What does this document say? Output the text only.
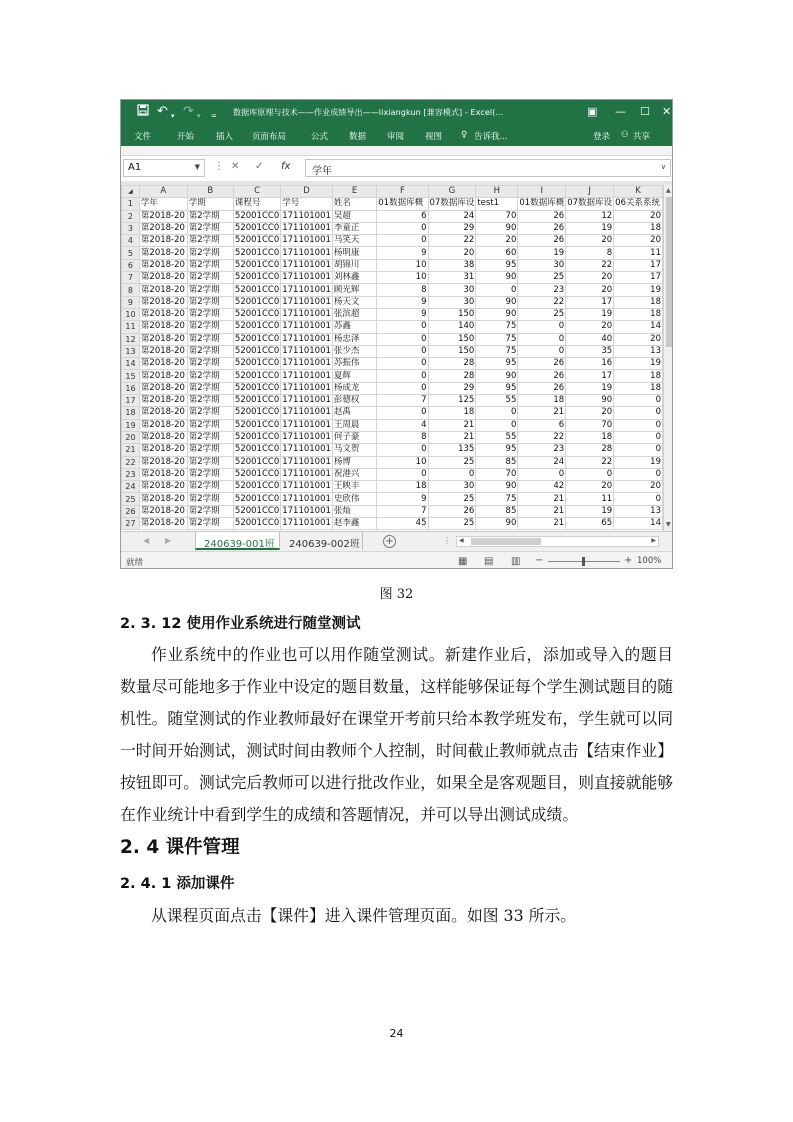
↶ ▾ ↷ ▾ = 数据库原理与技术——作业成绩导出——lixiangkun [兼容模式] - Excel(...	▣ — ☐ ✕
文件	开始	插入 页面布局	公式 数据 审阅 视图 ♀ 告诉我...	登录 ⚇ 共享
A1	▼ ⋮ ✕ ✓ fx	学年	∨
◢	A	B	C	D	E	F	G	H	I	J	K
1	学年	学期	课程号	学号	姓名	01数据库概	07数据库设	test1	01数据库概	07数据库设	06关系系统
2	第2018-20	第2学期	52001CC0	171101001	吴超	6	24	70	26	12	20
3	第2018-20	第2学期	52001CC0	171101001	李童正	0	29	90	26	19	18
4	第2018-20	第2学期	52001CC0	171101001	马笑天	0	22	20	26	20	20
5	第2018-20	第2学期	52001CC0	171101001	杨明康	9	20	60	19	8	11
6	第2018-20	第2学期	52001CC0	171101001	胡锦川	10	38	95	30	22	17
7	第2018-20	第2学期	52001CC0	171101001	刘林鑫	10	31	90	25	20	17
8	第2018-20	第2学期	52001CC0	171101001	顾光辉	8	30	0	23	20	19
9	第2018-20	第2学期	52001CC0	171101001	杨天文	9	30	90	22	17	18
10	第2018-20	第2学期	52001CC0	171101001	张滨超	9	150	90	25	19	18
11	第2018-20	第2学期	52001CC0	171101001	苏鑫	0	140	75	0	20	14
12	第2018-20	第2学期	52001CC0	171101001	杨忠泽	0	150	75	0	40	20
13	第2018-20	第2学期	52001CC0	171101001	张少杰	0	150	75	0	35	13
14	第2018-20	第2学期	52001CC0	171101001	苏振伟	0	28	95	26	16	19
15	第2018-20	第2学期	52001CC0	171101001	夏辉	0	28	90	26	17	18
16	第2018-20	第2学期	52001CC0	171101001	杨成龙	0	29	95	26	19	18
17	第2018-20	第2学期	52001CC0	171101001	彭德权	7	125	55	18	90	0
18	第2018-20	第2学期	52001CC0	171101001	赵禹	0	18	0	21	20	0
19	第2018-20	第2学期	52001CC0	171101001	王周晨	4	21	0	6	70	0
20	第2018-20	第2学期	52001CC0	171101001	何子豪	8	21	55	22	18	0
21	第2018-20	第2学期	52001CC0	171101001	马文贺	0	135	95	23	28	0
22	第2018-20	第2学期	52001CC0	171101001	杨博	10	25	85	24	22	19
23	第2018-20	第2学期	52001CC0	171101001	祝港兴	0	0	70	0	0	0
24	第2018-20	第2学期	52001CC0	171101001	王映丰	18	30	90	42	20	20
25	第2018-20	第2学期	52001CC0	171101001	史欣伟	9	25	75	21	11	0
26	第2018-20	第2学期	52001CC0	171101001	张灿	7	26	85	21	19	13
27	第2018-20	第2学期	52001CC0	171101001	赵李鑫	45	25	90	21	65	14
▲
▼
◀ ▶	240639-001班	240639-002班	+	⋮ ◀	▶
就绪	▦ ▤ ▥ −	+ 100%
图 32
2. 3. 12 使用作业系统进行随堂测试
作业系统中的作业也可以用作随堂测试。新建作业后，添加或导入的题目
数量尽可能地多于作业中设定的题目数量，这样能够保证每个学生测试题目的随
机性。随堂测试的作业教师最好在课堂开考前只给本教学班发布，学生就可以同
一时间开始测试，测试时间由教师个人控制，时间截止教师就点击【结束作业】
按钮即可。测试完后教师可以进行批改作业，如果全是客观题目，则直接就能够
在作业统计中看到学生的成绩和答题情况，并可以导出测试成绩。
2. 4 课件管理
2. 4. 1 添加课件
从课程页面点击【课件】进入课件管理页面。如图 33 所示。
24
